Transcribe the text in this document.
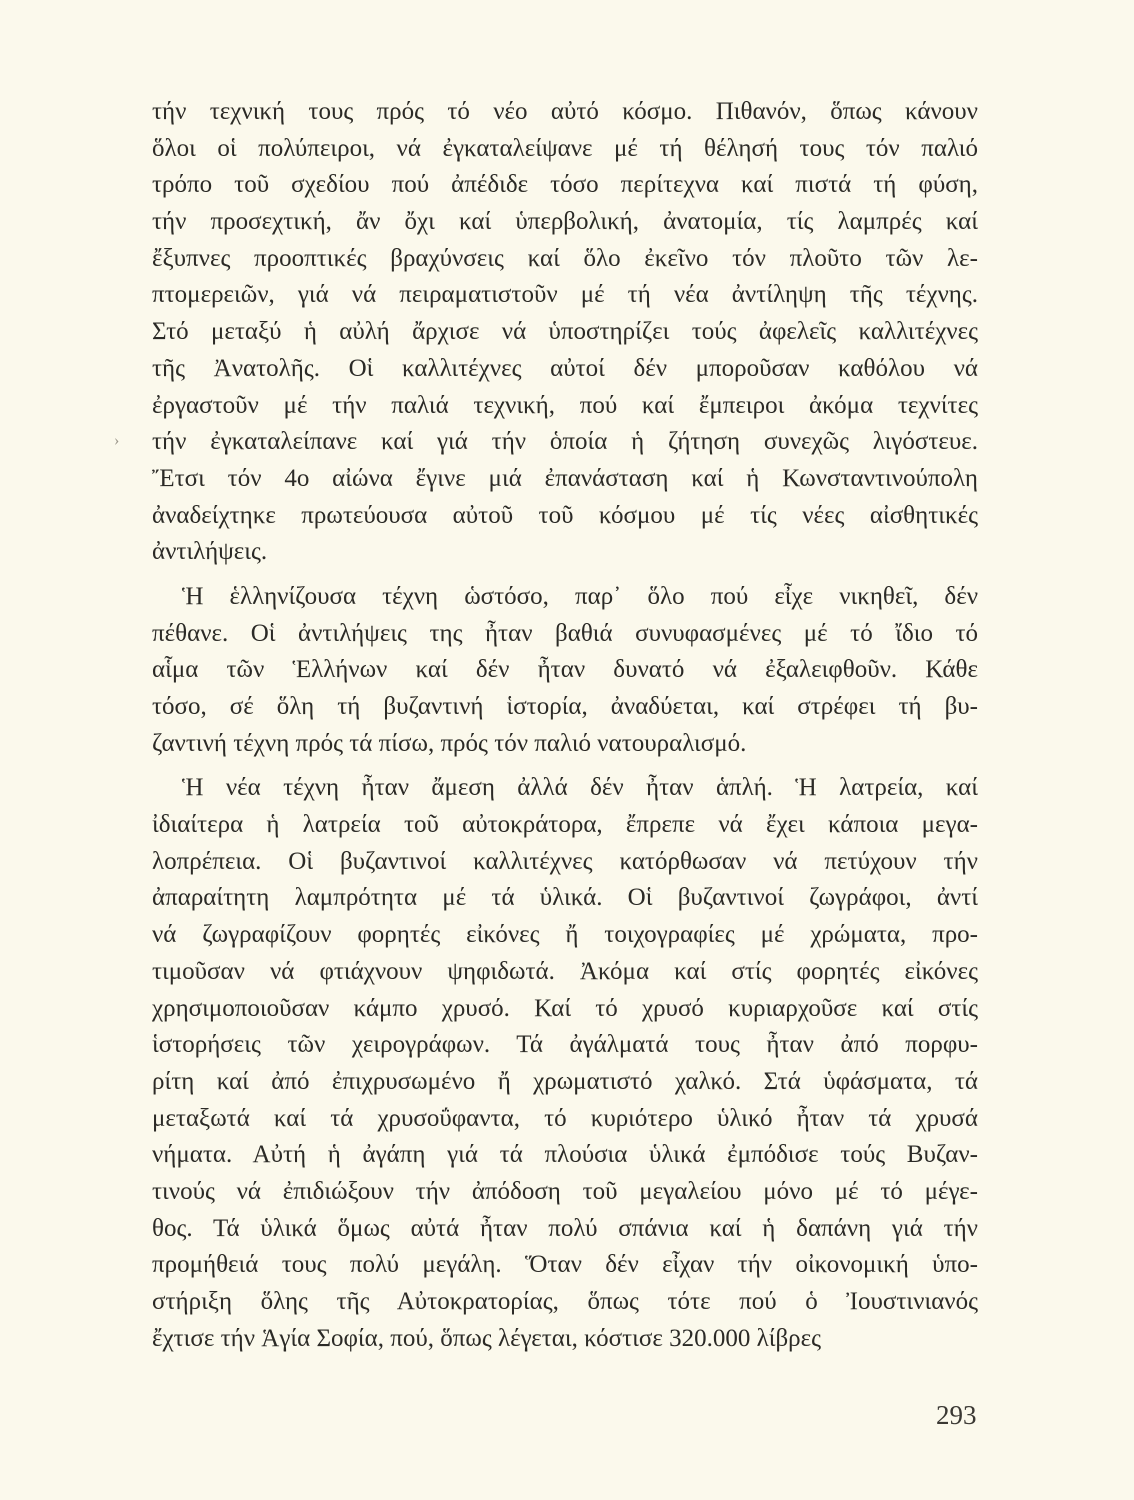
τήν τεχνική τους πρός τό νέο αὐτό κόσμο. Πιθανόν, ὅπως κάνουν
ὅλοι οἱ πολύπειροι, νά ἐγκαταλείψανε μέ τή θέλησή τους τόν παλιό
τρόπο τοῦ σχεδίου πού ἀπέδιδε τόσο περίτεχνα καί πιστά τή φύση,
τήν προσεχτική, ἄν ὄχι καί ὑπερβολική, ἀνατομία, τίς λαμπρές καί
ἔξυπνες προοπτικές βραχύνσεις καί ὅλο ἐκεῖνο τόν πλοῦτο τῶν λε-
πτομερειῶν, γιά νά πειραματιστοῦν μέ τή νέα ἀντίληψη τῆς τέχνης.
Στό μεταξύ ἡ αὐλή ἄρχισε νά ὑποστηρίζει τούς ἀφελεῖς καλλιτέχνες
τῆς Ἀνατολῆς. Οἱ καλλιτέχνες αὐτοί δέν μποροῦσαν καθόλου νά
ἐργαστοῦν μέ τήν παλιά τεχνική, πού καί ἔμπειροι ἀκόμα τεχνίτες
τήν ἐγκαταλείπανε καί γιά τήν ὁποία ἡ ζήτηση συνεχῶς λιγόστευε.
Ἔτσι τόν 4ο αἰώνα ἔγινε μιά ἐπανάσταση καί ἡ Κωνσταντινούπολη
ἀναδείχτηκε πρωτεύουσα αὐτοῦ τοῦ κόσμου μέ τίς νέες αἰσθητικές
ἀντιλήψεις.
Ἡ ἑλληνίζουσα τέχνη ὡστόσο, παρ᾽ ὅλο πού εἶχε νικηθεῖ, δέν
πέθανε. Οἱ ἀντιλήψεις της ἦταν βαθιά συνυφασμένες μέ τό ἴδιο τό
αἷμα τῶν Ἑλλήνων καί δέν ἦταν δυνατό νά ἐξαλειφθοῦν. Κάθε
τόσο, σέ ὅλη τή βυζαντινή ἱστορία, ἀναδύεται, καί στρέφει τή βυ-
ζαντινή τέχνη πρός τά πίσω, πρός τόν παλιό νατουραλισμό.
Ἡ νέα τέχνη ἦταν ἄμεση ἀλλά δέν ἦταν ἁπλή. Ἡ λατρεία, καί
ἰδιαίτερα ἡ λατρεία τοῦ αὐτοκράτορα, ἔπρεπε νά ἔχει κάποια μεγα-
λοπρέπεια. Οἱ βυζαντινοί καλλιτέχνες κατόρθωσαν νά πετύχουν τήν
ἀπαραίτητη λαμπρότητα μέ τά ὑλικά. Οἱ βυζαντινοί ζωγράφοι, ἀντί
νά ζωγραφίζουν φορητές εἰκόνες ἤ τοιχογραφίες μέ χρώματα, προ-
τιμοῦσαν νά φτιάχνουν ψηφιδωτά. Ἀκόμα καί στίς φορητές εἰκόνες
χρησιμοποιοῦσαν κάμπο χρυσό. Καί τό χρυσό κυριαρχοῦσε καί στίς
ἱστορήσεις τῶν χειρογράφων. Τά ἀγάλματά τους ἦταν ἀπό πορφυ-
ρίτη καί ἀπό ἐπιχρυσωμένο ἤ χρωματιστό χαλκό. Στά ὑφάσματα, τά
μεταξωτά καί τά χρυσοΰφαντα, τό κυριότερο ὑλικό ἦταν τά χρυσά
νήματα. Αὐτή ἡ ἀγάπη γιά τά πλούσια ὑλικά ἐμπόδισε τούς Βυζαν-
τινούς νά ἐπιδιώξουν τήν ἀπόδοση τοῦ μεγαλείου μόνο μέ τό μέγε-
θος. Τά ὑλικά ὅμως αὐτά ἦταν πολύ σπάνια καί ἡ δαπάνη γιά τήν
προμήθειά τους πολύ μεγάλη. Ὅταν δέν εἶχαν τήν οἰκονομική ὑπο-
στήριξη ὅλης τῆς Αὐτοκρατορίας, ὅπως τότε πού ὁ Ἰουστινιανός
ἔχτισε τήν Ἁγία Σοφία, πού, ὅπως λέγεται, κόστισε 320.000 λίβρες
›
293
